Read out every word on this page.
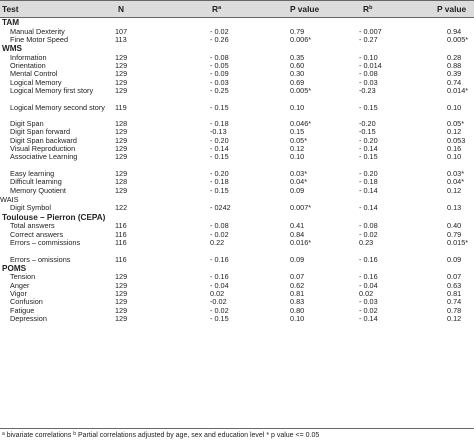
Test	N	$R^a$	P value	$R^b$	P value
TAM
Manual Dexterity	107	- 0.02	0.79	- 0.007	0.94
Fine Motor Speed	113	- 0.26	0.006*	- 0.27	0.005*
WMS
Information	129	- 0.08	0.35	- 0.10	0.28
Orientation	129	- 0.05	0.60	- 0.014	0.88
Mental Control	129	- 0.09	0.30	- 0.08	0.39
Logical Memory	129	- 0.03	0.69	- 0.03	0.74
Logical Memory first story	129	- 0.25	0.005*	-0.23	0.014*
Logical Memory second story 119	- 0.15	0.10	- 0.15	0.10
Digit Span	128	- 0.18	0.046*	-0.20	0.05*
Digit Span forward	129	-0.13	0.15	-0.15	0.12
Digit Span backward	129	- 0.20	0.05*	- 0.20	0.053
Visual Reproduction	129	- 0.14	0.12	- 0.14	0.16
Associative Learning	129	- 0.15	0.10	- 0.15	0.10
Easy learning	129	- 0.20	0.03*	- 0.20	0.03*
Difficult learning	128	- 0.18	0.04*	- 0.18	0.04*
Memory Quotient	129	- 0.15	0.09	- 0.14	0.12
WAIS
Digit Symbol	122	- 0242	0.007*	- 0.14	0.13
Toulouse – Pierron (CEPA)
Total answers	116	- 0.08	0.41	- 0.08	0.40
Correct answers	116	- 0.02	0.84	- 0.02	0.79
Errors – commissions	116	0.22	0.016*	0.23	0.015*
Errors – omissions	116	- 0.16	0.09	- 0.16	0.09
POMS
Tension	129	- 0.16	0.07	- 0.16	0.07
Anger	129	- 0.04	0.62	- 0.04	0.63
Vigor	129	0.02	0.81	0.02	0.81
Confusion	129	-0.02	0.83	- 0.03	0.74
Fatigue	129	- 0.02	0.80	- 0.02	0.78
Depression	129	- 0.15	0.10	- 0.14	0.12
$^a$ bivariate correlations $^b$ Partial correlations adjusted by age, sex and education level * p value <= 0.05
